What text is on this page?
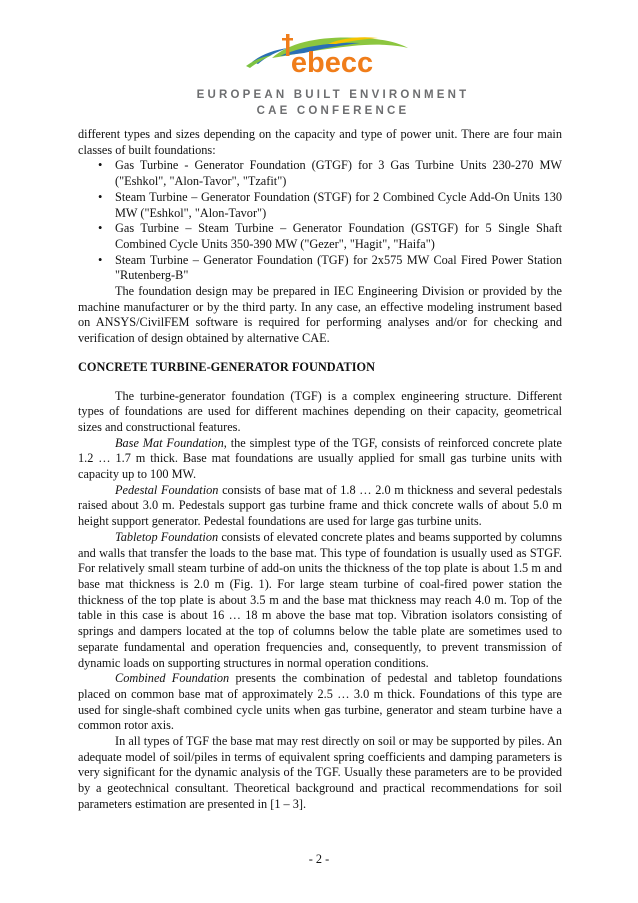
ebecc
EUROPEAN BUILT ENVIRONMENT
CAE CONFERENCE

different types and sizes depending on the capacity and type of power unit. There are four main classes of built foundations:

• Gas Turbine - Generator Foundation (GTGF) for 3 Gas Turbine Units 230-270 MW ("Eshkol", "Alon-Tavor", "Tzafit")
• Steam Turbine – Generator Foundation (STGF) for 2 Combined Cycle Add-On Units 130 MW ("Eshkol", "Alon-Tavor")
• Gas Turbine – Steam Turbine – Generator Foundation (GSTGF) for 5 Single Shaft Combined Cycle Units 350-390 MW ("Gezer", "Hagit", "Haifa")
• Steam Turbine – Generator Foundation (TGF) for 2x575 MW Coal Fired Power Station "Rutenberg-B"

The foundation design may be prepared in IEC Engineering Division or provided by the machine manufacturer or by the third party. In any case, an effective modeling instrument based on ANSYS/CivilFEM software is required for performing analyses and/or for checking and verification of design obtained by alternative CAE.

CONCRETE TURBINE-GENERATOR FOUNDATION

The turbine-generator foundation (TGF) is a complex engineering structure. Different types of foundations are used for different machines depending on their capacity, geometrical sizes and constructional features.

Base Mat Foundation, the simplest type of the TGF, consists of reinforced concrete plate 1.2 … 1.7 m thick. Base mat foundations are usually applied for small gas turbine units with capacity up to 100 MW.

Pedestal Foundation consists of base mat of 1.8 … 2.0 m thickness and several pedestals raised about 3.0 m. Pedestals support gas turbine frame and thick concrete walls of about 5.0 m height support generator. Pedestal foundations are used for large gas turbine units.

Tabletop Foundation consists of elevated concrete plates and beams supported by columns and walls that transfer the loads to the base mat. This type of foundation is usually used as STGF. For relatively small steam turbine of add-on units the thickness of the top plate is about 1.5 m and base mat thickness is 2.0 m (Fig. 1). For large steam turbine of coal-fired power station the thickness of the top plate is about 3.5 m and the base mat thickness may reach 4.0 m. Top of the table in this case is about 16 … 18 m above the base mat top. Vibration isolators consisting of springs and dampers located at the top of columns below the table plate are sometimes used to separate fundamental and operation frequencies and, consequently, to prevent transmission of dynamic loads on supporting structures in normal operation conditions.

Combined Foundation presents the combination of pedestal and tabletop foundations placed on common base mat of approximately 2.5 … 3.0 m thick. Foundations of this type are used for single-shaft combined cycle units when gas turbine, generator and steam turbine have a common rotor axis.

In all types of TGF the base mat may rest directly on soil or may be supported by piles. An adequate model of soil/piles in terms of equivalent spring coefficients and damping parameters is very significant for the dynamic analysis of the TGF. Usually these parameters are to be provided by a geotechnical consultant. Theoretical background and practical recommendations for soil parameters estimation are presented in [1 – 3].

- 2 -
